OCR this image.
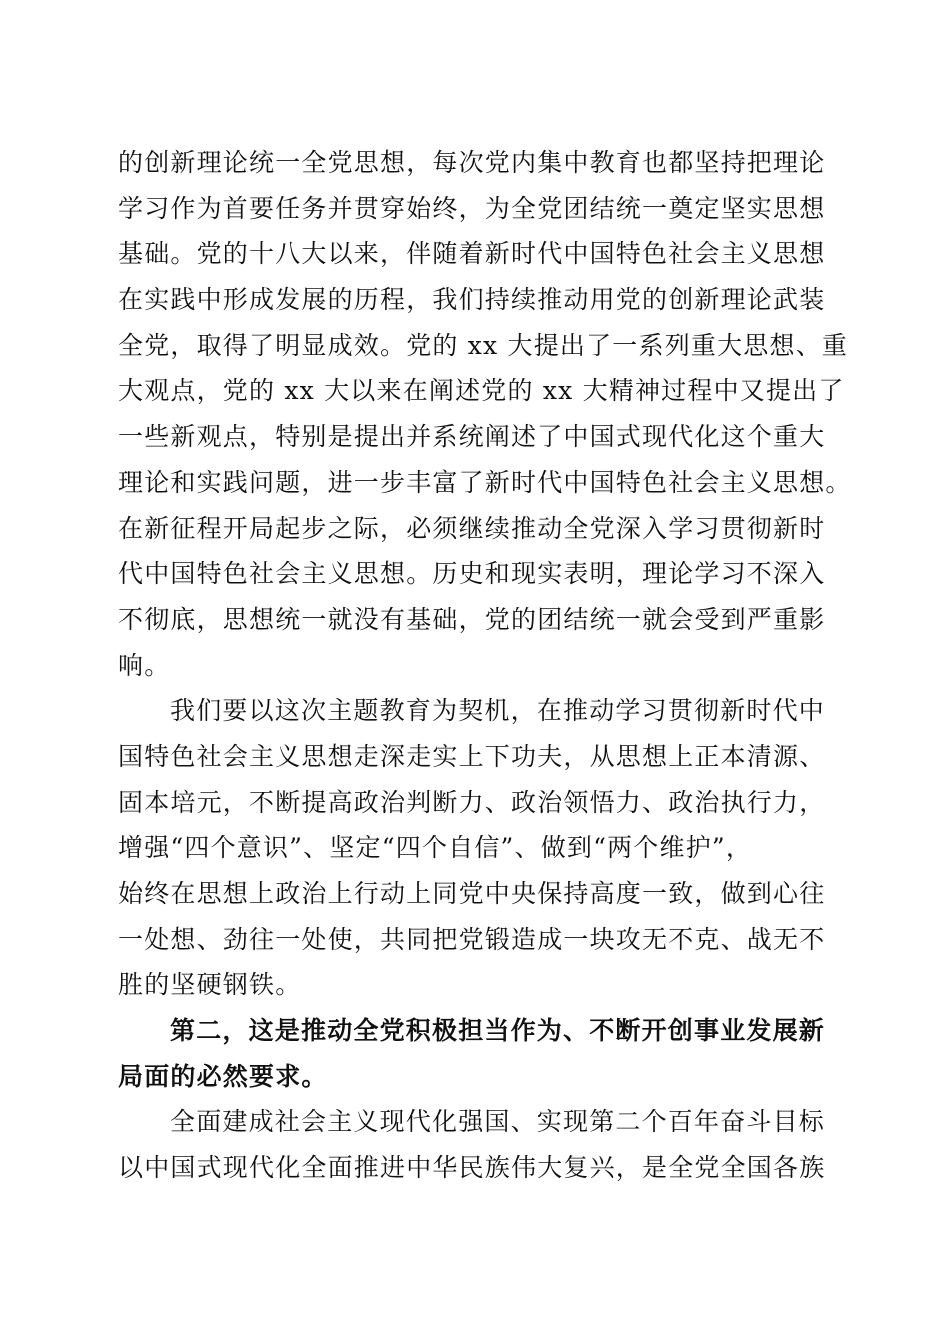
的创新理论统一全党思想，每次党内集中教育也都坚持把理论
学习作为首要任务并贯穿始终，为全党团结统一奠定坚实思想
基础。党的十八大以来，伴随着新时代中国特色社会主义思想
在实践中形成发展的历程，我们持续推动用党的创新理论武装
全党，取得了明显成效。党的 xx 大提出了一系列重大思想、重
大观点，党的 xx 大以来在阐述党的 xx 大精神过程中又提出了
一些新观点，特别是提出并系统阐述了中国式现代化这个重大
理论和实践问题，进一步丰富了新时代中国特色社会主义思想。
在新征程开局起步之际，必须继续推动全党深入学习贯彻新时
代中国特色社会主义思想。历史和现实表明，理论学习不深入
不彻底，思想统一就没有基础，党的团结统一就会受到严重影
响。
我们要以这次主题教育为契机，在推动学习贯彻新时代中
国特色社会主义思想走深走实上下功夫，从思想上正本清源、
固本培元，不断提高政治判断力、政治领悟力、政治执行力，
增强“四个意识”、坚定“四个自信”、做到“两个维护”，
始终在思想上政治上行动上同党中央保持高度一致，做到心往
一处想、劲往一处使，共同把党锻造成一块攻无不克、战无不
胜的坚硬钢铁。
第二，这是推动全党积极担当作为、不断开创事业发展新
局面的必然要求。
全面建成社会主义现代化强国、实现第二个百年奋斗目标
以中国式现代化全面推进中华民族伟大复兴，是全党全国各族
